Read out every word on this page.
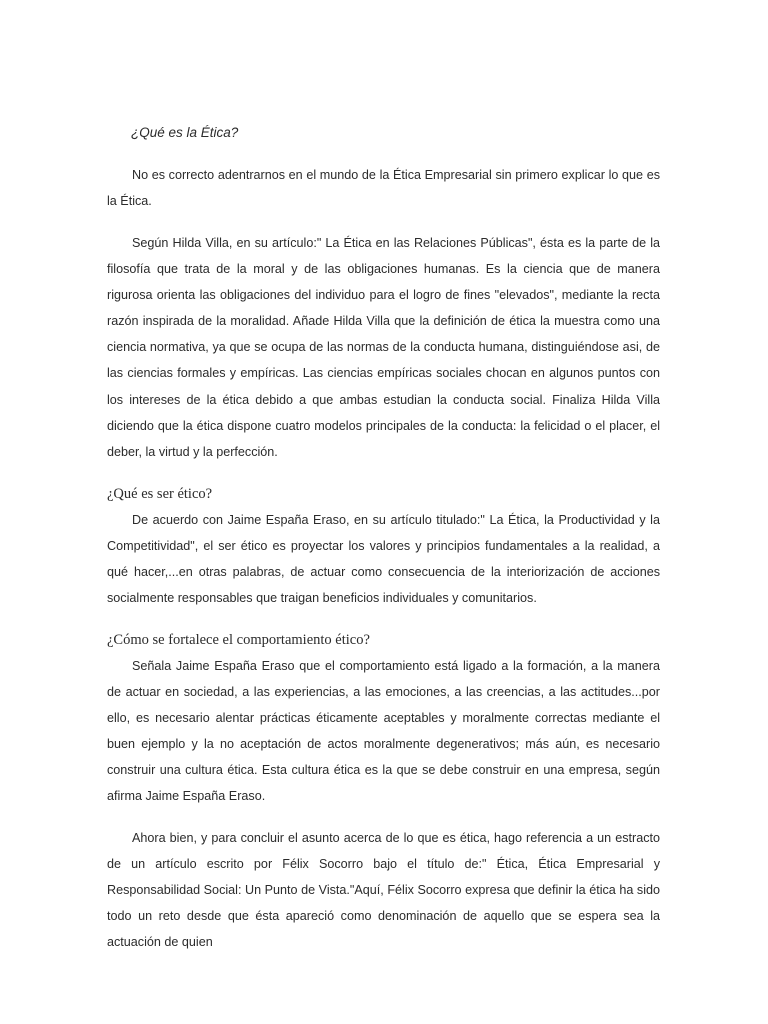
¿Qué es la Ética?

No es correcto adentrarnos en el mundo de la Ética Empresarial sin primero explicar lo que es la Ética.

Según Hilda Villa, en su artículo:" La Ética en las Relaciones Públicas", ésta es la parte de la filosofía que trata de la moral y de las obligaciones humanas. Es la ciencia que de manera rigurosa orienta las obligaciones del individuo para el logro de fines "elevados", mediante la recta razón inspirada de la moralidad. Añade Hilda Villa que la definición de ética la muestra como una ciencia normativa, ya que se ocupa de las normas de la conducta humana, distinguiéndose asi, de las ciencias formales y empíricas. Las ciencias empíricas sociales chocan en algunos puntos con los intereses de la ética debido a que ambas estudian la conducta social. Finaliza Hilda Villa diciendo que la ética dispone cuatro modelos principales de la conducta: la felicidad o el placer, el deber, la virtud y la perfección.

¿Qué es ser ético?

De acuerdo con Jaime España Eraso, en su artículo titulado:" La Ética, la Productividad y la Competitividad", el ser ético es proyectar los valores y principios fundamentales a la realidad, a qué hacer,...en otras palabras, de actuar como consecuencia de la interiorización de acciones socialmente responsables que traigan beneficios individuales y comunitarios.

¿Cómo se fortalece el comportamiento ético?

Señala Jaime España Eraso que el comportamiento está ligado a la formación, a la manera de actuar en sociedad, a las experiencias, a las emociones, a las creencias, a las actitudes...por ello, es necesario alentar prácticas éticamente aceptables y moralmente correctas mediante el buen ejemplo y la no aceptación de actos moralmente degenerativos; más aún, es necesario construir una cultura ética. Esta cultura ética es la que se debe construir en una empresa, según afirma Jaime España Eraso.

Ahora bien, y para concluir el asunto acerca de lo que es ética, hago referencia a un estracto de un artículo escrito por Félix Socorro bajo el título de:" Ética, Ética Empresarial y Responsabilidad Social: Un Punto de Vista."Aquí, Félix Socorro expresa que definir la ética ha sido todo un reto desde que ésta apareció como denominación de aquello que se espera sea la actuación de quien
